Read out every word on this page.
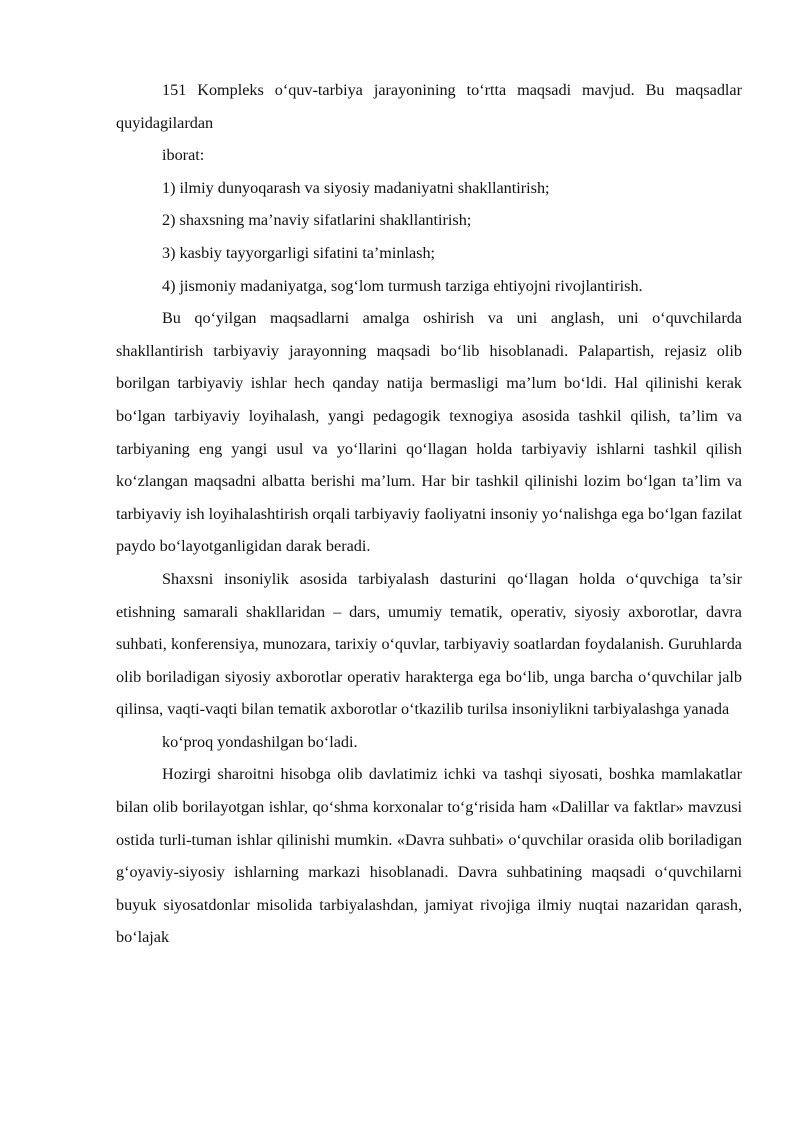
151 Kompleks o‘quv-tarbiya jarayonining to‘rtta maqsadi mavjud. Bu maqsadlar quyidagilardan

iborat:

1) ilmiy dunyoqarash va siyosiy madaniyatni shakllantirish;

2) shaxsning ma’naviy sifatlarini shakllantirish;

3) kasbiy tayyorgarligi sifatini ta’minlash;

4) jismoniy madaniyatga, sog‘lom turmush tarziga ehtiyojni rivojlantirish.

Bu qo‘yilgan maqsadlarni amalga oshirish va uni anglash, uni o‘quvchilarda shakllantirish tarbiyaviy jarayonning maqsadi bo‘lib hisoblanadi. Palapartish, rejasiz olib borilgan tarbiyaviy ishlar hech qanday natija bermasligi ma’lum bo‘ldi. Hal qilinishi kerak bo‘lgan tarbiyaviy loyihalash, yangi pedagogik texnogiya asosida tashkil qilish, ta’lim va tarbiyaning eng yangi usul va yo‘llarini qo‘llagan holda tarbiyaviy ishlarni tashkil qilish ko‘zlangan maqsadni albatta berishi ma’lum. Har bir tashkil qilinishi lozim bo‘lgan ta’lim va tarbiyaviy ish loyihalashtirish orqali tarbiyaviy faoliyatni insoniy yo‘nalishga ega bo‘lgan fazilat paydo bo‘layotganligidan darak beradi.

Shaxsni insoniylik asosida tarbiyalash dasturini qo‘llagan holda o‘quvchiga ta’sir etishning samarali shakllaridan – dars, umumiy tematik, operativ, siyosiy axborotlar, davra suhbati, konferensiya, munozara, tarixiy o‘quvlar, tarbiyaviy soatlardan foydalanish. Guruhlarda olib boriladigan siyosiy axborotlar operativ harakterga ega bo‘lib, unga barcha o‘quvchilar jalb qilinsa, vaqti-vaqti bilan tematik axborotlar o‘tkazilib turilsa insoniylikni tarbiyalashga yanada

ko‘proq yondashilgan bo‘ladi.

Hozirgi sharoitni hisobga olib davlatimiz ichki va tashqi siyosati, boshka mamlakatlar bilan olib borilayotgan ishlar, qo‘shma korxonalar to‘g‘risida ham «Dalillar va faktlar» mavzusi ostida turli-tuman ishlar qilinishi mumkin. «Davra suhbati» o‘quvchilar orasida olib boriladigan g‘oyaviy-siyosiy ishlarning markazi hisoblanadi. Davra suhbatining maqsadi o‘quvchilarni buyuk siyosatdonlar misolida tarbiyalashdan, jamiyat rivojiga ilmiy nuqtai nazaridan qarash, bo‘lajak
